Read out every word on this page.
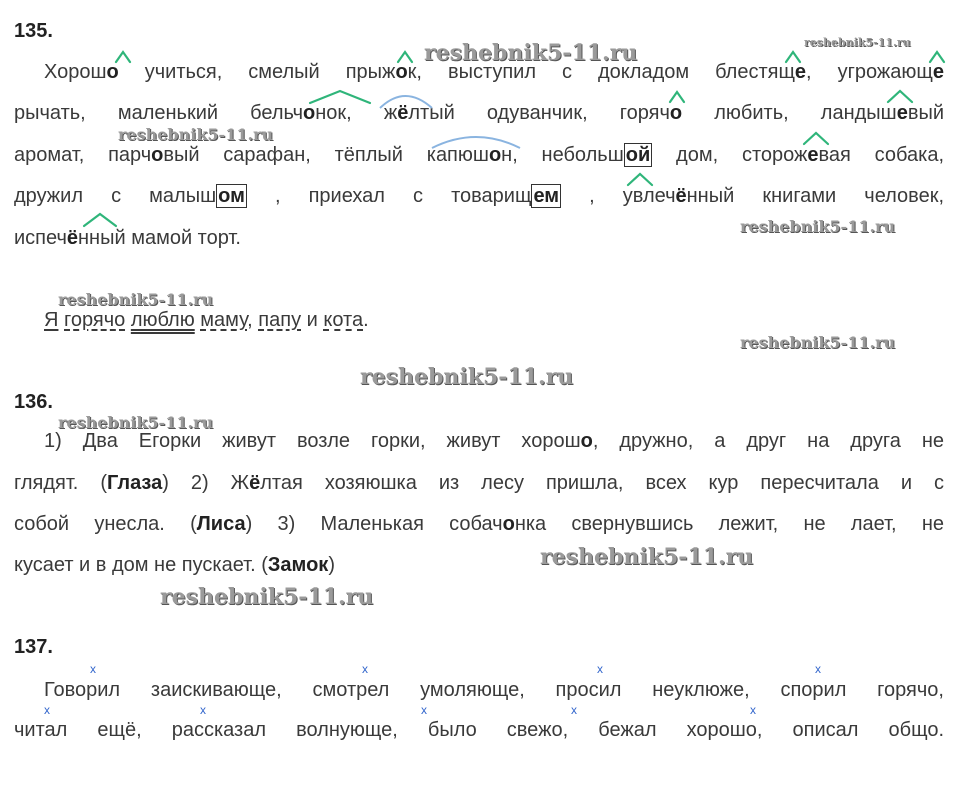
135.
136.
137.
Хорошо учиться, смелый прыжок, выступил с докладом блестяще, угрожающе
рычать, маленький бельчонок, жёлтый одуванчик, горячо любить, ландышевый
аромат, парчовый сарафан, тёплый капюшон, небольш ой дом, сторожевая собака,
дружил с малыш ом , приехал с товарищ ем , увлечённый книгами человек,
испечённый мамой торт.
Я горячо люблю маму, папу и кота.
1) Два Егорки живут возле горки, живут хорошо, дружно, а друг на друга не
глядят. (Глаза) 2) Жёлтая хозяюшка из лесу пришла, всех кур пересчитала и с
собой унесла. (Лиса) 3) Маленькая собачонка свернувшись лежит, не лает, не
кусает и в дом не пускает. (Замок)
Говорил заискивающе, смотрел умоляюще, просил неуклюже, спорил горячо,
читал ещё, рассказал волнующе, было свежо, бежал хорошо, описал общо.
x	x	x	x
x	x	x	x	x
reshebnik5-11.ru	reshebnik5-11.ru
reshebnik5-11.ru
reshebnik5-11.ru
reshebnik5-11.ru
reshebnik5-11.ru
reshebnik5-11.ru
reshebnik5-11.ru
reshebnik5-11.ru
reshebnik5-11.ru
